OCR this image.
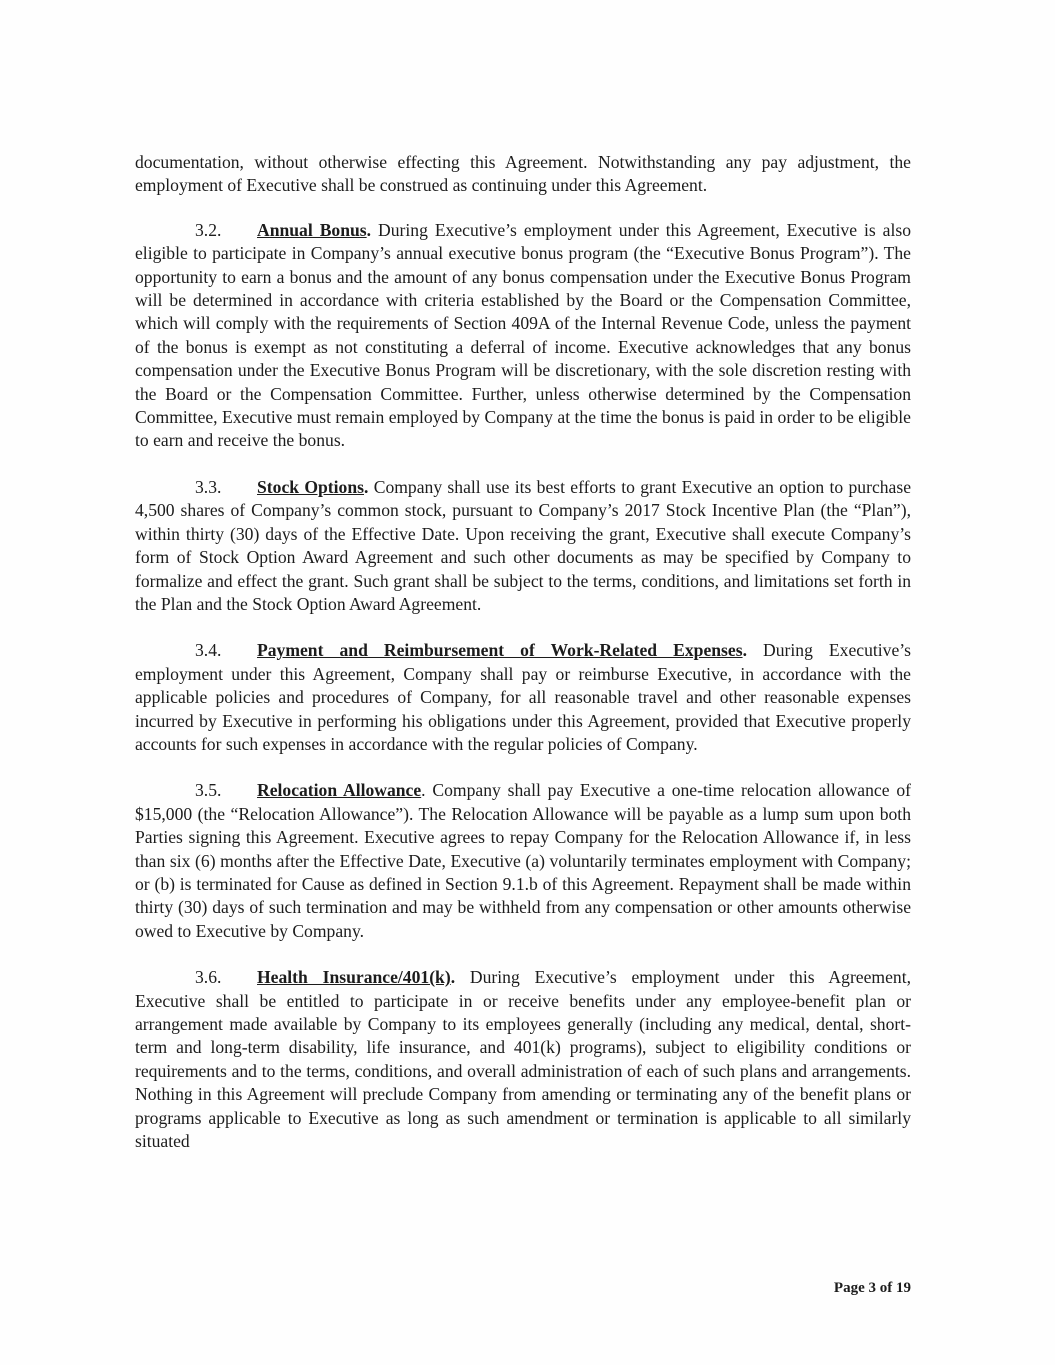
documentation, without otherwise effecting this Agreement. Notwithstanding any pay adjustment, the employment of Executive shall be construed as continuing under this Agreement.

3.2. Annual Bonus. During Executive’s employment under this Agreement, Executive is also eligible to participate in Company’s annual executive bonus program (the “Executive Bonus Program”). The opportunity to earn a bonus and the amount of any bonus compensation under the Executive Bonus Program will be determined in accordance with criteria established by the Board or the Compensation Committee, which will comply with the requirements of Section 409A of the Internal Revenue Code, unless the payment of the bonus is exempt as not constituting a deferral of income. Executive acknowledges that any bonus compensation under the Executive Bonus Program will be discretionary, with the sole discretion resting with the Board or the Compensation Committee. Further, unless otherwise determined by the Compensation Committee, Executive must remain employed by Company at the time the bonus is paid in order to be eligible to earn and receive the bonus.

3.3. Stock Options. Company shall use its best efforts to grant Executive an option to purchase 4,500 shares of Company’s common stock, pursuant to Company’s 2017 Stock Incentive Plan (the “Plan”), within thirty (30) days of the Effective Date. Upon receiving the grant, Executive shall execute Company’s form of Stock Option Award Agreement and such other documents as may be specified by Company to formalize and effect the grant. Such grant shall be subject to the terms, conditions, and limitations set forth in the Plan and the Stock Option Award Agreement.

3.4. Payment and Reimbursement of Work-Related Expenses. During Executive’s employment under this Agreement, Company shall pay or reimburse Executive, in accordance with the applicable policies and procedures of Company, for all reasonable travel and other reasonable expenses incurred by Executive in performing his obligations under this Agreement, provided that Executive properly accounts for such expenses in accordance with the regular policies of Company.

3.5. Relocation Allowance. Company shall pay Executive a one-time relocation allowance of $15,000 (the “Relocation Allowance”). The Relocation Allowance will be payable as a lump sum upon both Parties signing this Agreement. Executive agrees to repay Company for the Relocation Allowance if, in less than six (6) months after the Effective Date, Executive (a) voluntarily terminates employment with Company; or (b) is terminated for Cause as defined in Section 9.1.b of this Agreement. Repayment shall be made within thirty (30) days of such termination and may be withheld from any compensation or other amounts otherwise owed to Executive by Company.

3.6. Health Insurance/401(k). During Executive’s employment under this Agreement, Executive shall be entitled to participate in or receive benefits under any employee-benefit plan or arrangement made available by Company to its employees generally (including any medical, dental, short-term and long-term disability, life insurance, and 401(k) programs), subject to eligibility conditions or requirements and to the terms, conditions, and overall administration of each of such plans and arrangements. Nothing in this Agreement will preclude Company from amending or terminating any of the benefit plans or programs applicable to Executive as long as such amendment or termination is applicable to all similarly situated

Page 3 of 19
